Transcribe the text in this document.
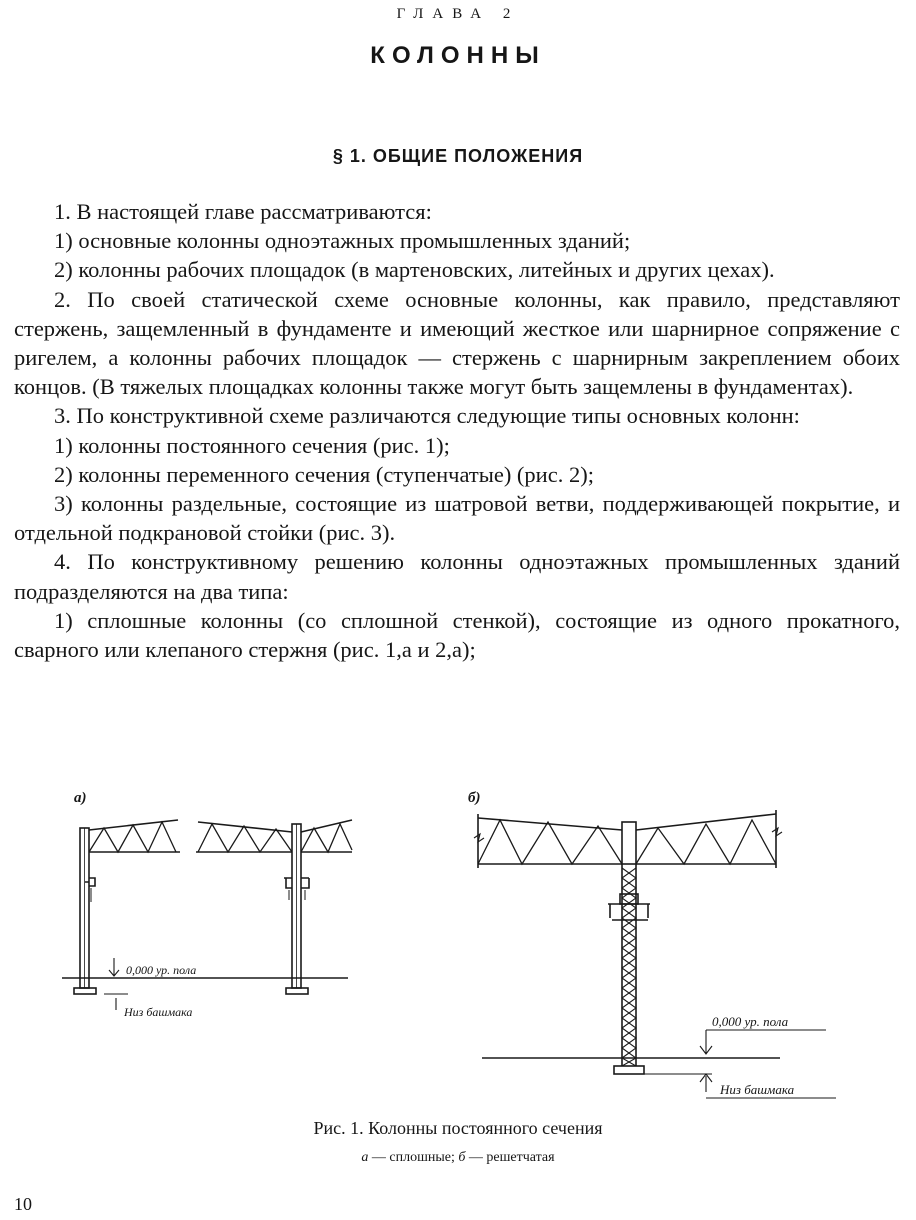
ГЛАВА 2
КОЛОННЫ
§ 1. ОБЩИЕ ПОЛОЖЕНИЯ

1. В настоящей главе рассматриваются:

1) основные колонны одноэтажных промышленных зданий;

2) колонны рабочих площадок (в мартеновских, литейных и других цехах).

2. По своей статической схеме основные колонны, как правило, представляют стержень, защемленный в фундаменте и имеющий жесткое или шарнирное сопряжение с ригелем, а колонны рабочих площадок — стержень с шарнирным закреплением обоих концов. (В тяжелых площадках колонны также могут быть защемлены в фундаментах).

3. По конструктивной схеме различаются следующие типы основных колонн:

1) колонны постоянного сечения (рис. 1);

2) колонны переменного сечения (ступенчатые) (рис. 2);

3) колонны раздельные, состоящие из шатровой ветви, поддерживающей покрытие, и отдельной подкрановой стойки (рис. 3).

4. По конструктивному решению колонны одноэтажных промышленных зданий подразделяются на два типа:

1) сплошные колонны (со сплошной стенкой), состоящие из одного прокатного, сварного или клепаного стержня (рис. 1,а и 2,а);

а)
0,000 ур. пола
Низ башмака
б)
0,000 ур. пола
Низ башмака
Рис. 1. Колонны постоянного сечения
а — сплошные; б — решетчатая
10
